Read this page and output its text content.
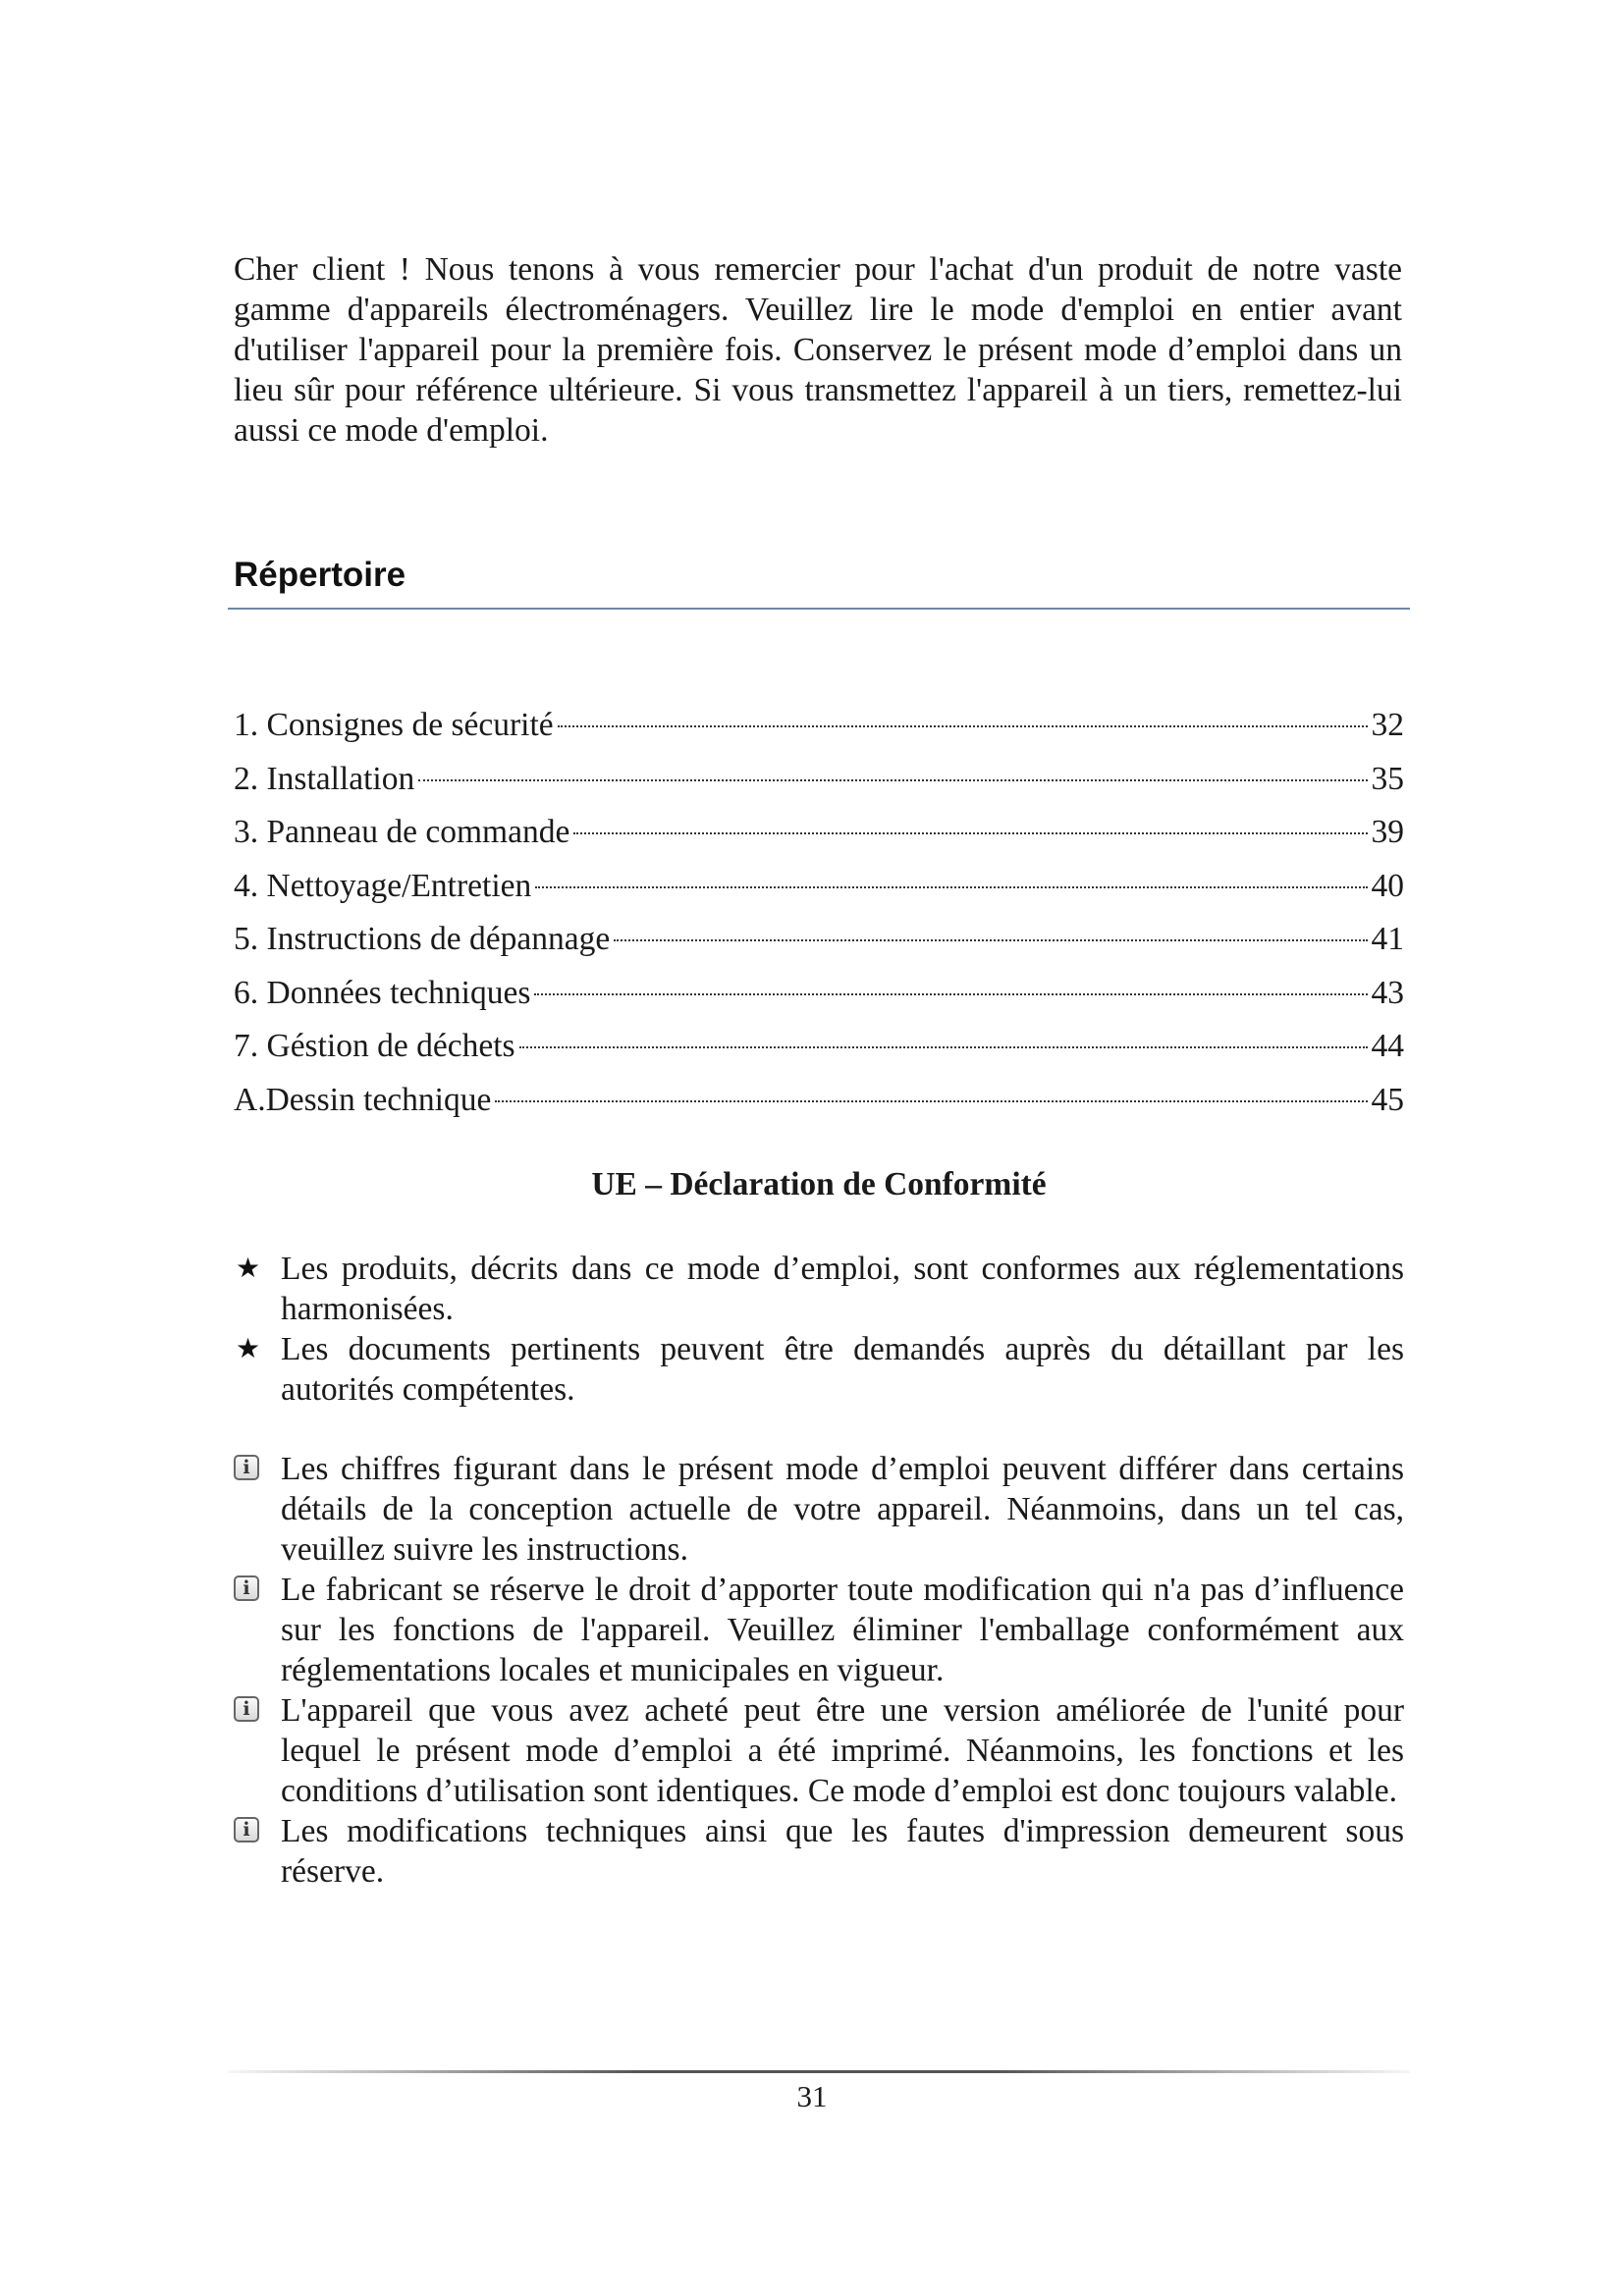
Cher client ! Nous tenons à vous remercier pour l'achat d'un produit de notre vaste gamme d'appareils électroménagers. Veuillez lire le mode d'emploi en entier avant d'utiliser l'appareil pour la première fois. Conservez le présent mode d’emploi dans un lieu sûr pour référence ultérieure. Si vous transmettez l'appareil à un tiers, remettez-lui aussi ce mode d'emploi.

Répertoire
1. Consignes de sécurité	32
2. Installation	35
3. Panneau de commande	39
4. Nettoyage/Entretien	40
5. Instructions de dépannage	41
6. Données techniques	43
7. Géstion de déchets	44
A.Dessin technique	45
UE – Déclaration de Conformité
★ Les produits, décrits dans ce mode d’emploi, sont conformes aux réglementations harmonisées.
★ Les documents pertinents peuvent être demandés auprès du détaillant par les autorités compétentes.
i Les chiffres figurant dans le présent mode d’emploi peuvent différer dans certains détails de la conception actuelle de votre appareil. Néanmoins, dans un tel cas, veuillez suivre les instructions.
i Le fabricant se réserve le droit d’apporter toute modification qui n'a pas d’influence sur les fonctions de l'appareil. Veuillez éliminer l'emballage conformément aux réglementations locales et municipales en vigueur.
i L'appareil que vous avez acheté peut être une version améliorée de l'unité pour lequel le présent mode d’emploi a été imprimé. Néanmoins, les fonctions et les conditions d’utilisation sont identiques. Ce mode d’emploi est donc toujours valable.
i Les modifications techniques ainsi que les fautes d'impression demeurent sous réserve.
31
